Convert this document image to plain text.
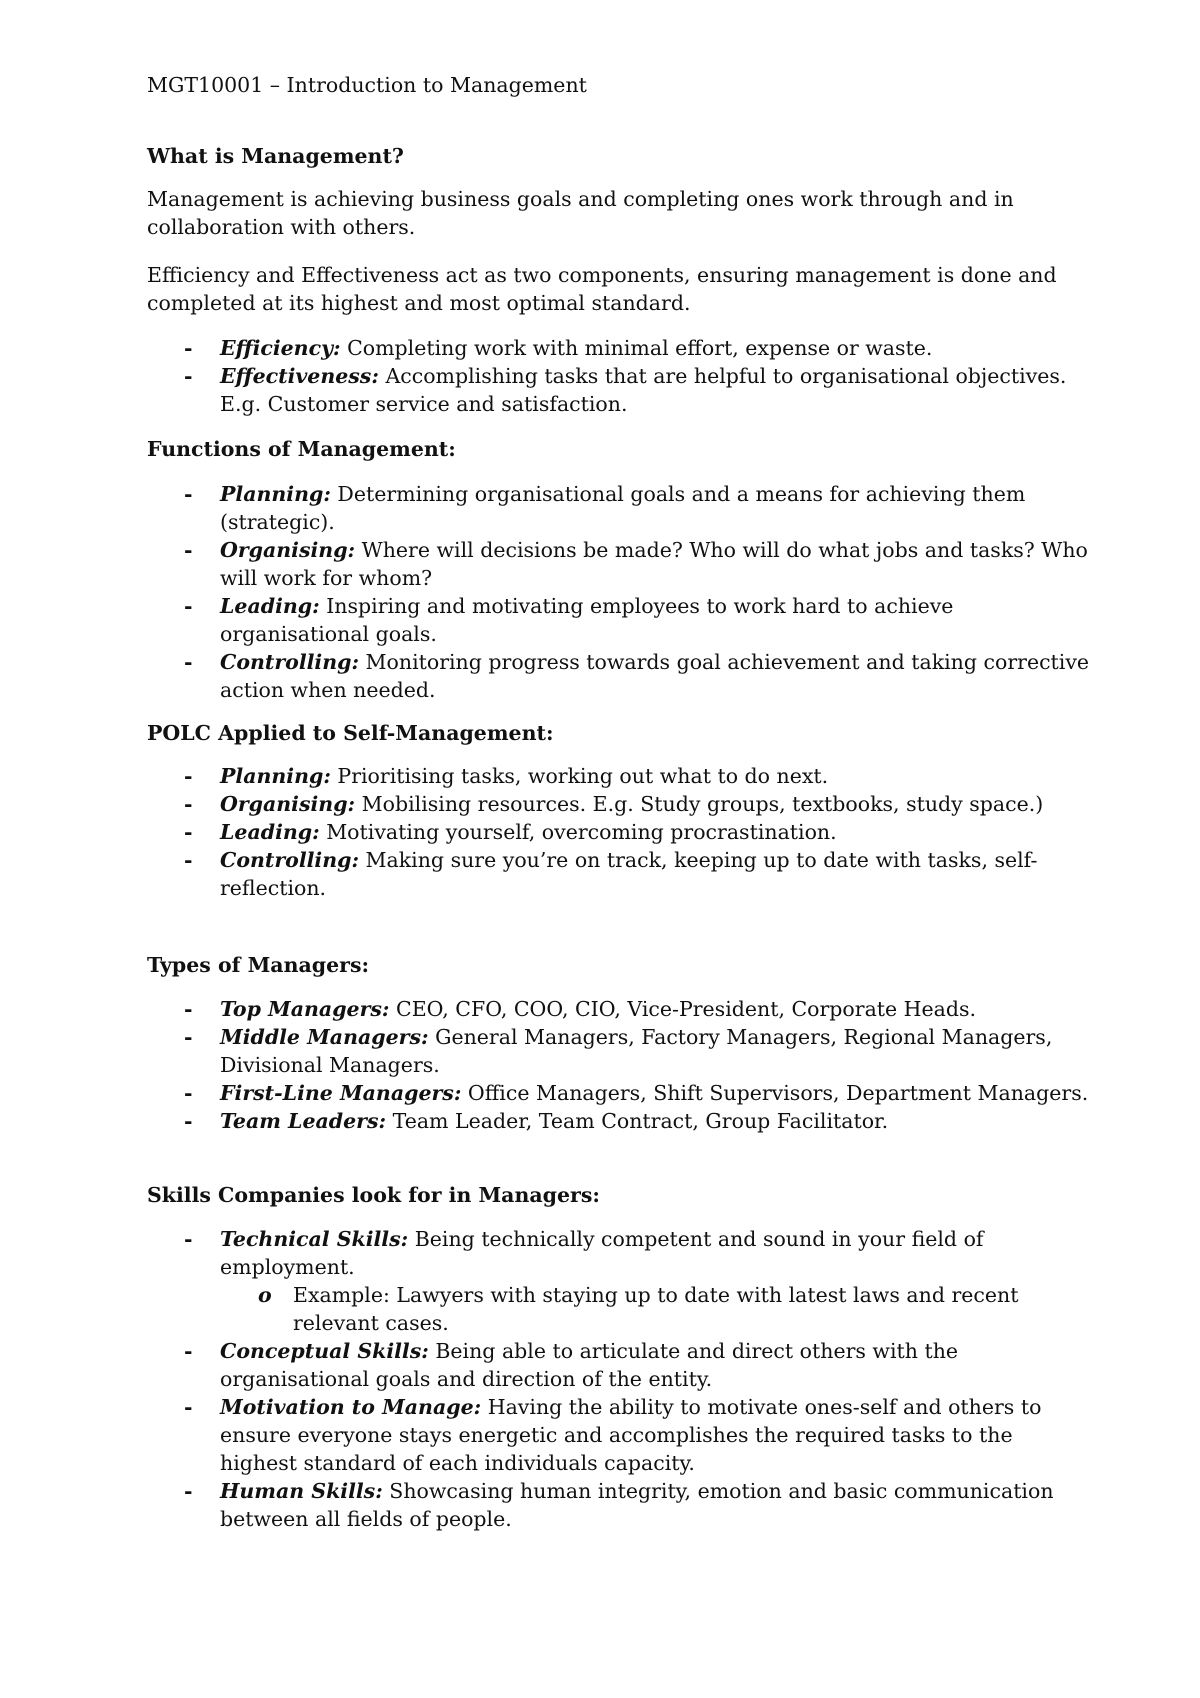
MGT10001 – Introduction to Management

What is Management?

Management is achieving business goals and completing ones work through and in collaboration with others.

Efficiency and Effectiveness act as two components, ensuring management is done and completed at its highest and most optimal standard.

- Efficiency: Completing work with minimal effort, expense or waste.
- Effectiveness: Accomplishing tasks that are helpful to organisational objectives. E.g. Customer service and satisfaction.
Functions of Management:
- Planning: Determining organisational goals and a means for achieving them (strategic).
- Organising: Where will decisions be made? Who will do what jobs and tasks? Who will work for whom?
- Leading: Inspiring and motivating employees to work hard to achieve organisational goals.
- Controlling: Monitoring progress towards goal achievement and taking corrective action when needed.
POLC Applied to Self-Management:
- Planning: Prioritising tasks, working out what to do next.
- Organising: Mobilising resources. E.g. Study groups, textbooks, study space.)
- Leading: Motivating yourself, overcoming procrastination.
- Controlling: Making sure you’re on track, keeping up to date with tasks, self-reflection.
Types of Managers:
- Top Managers: CEO, CFO, COO, CIO, Vice-President, Corporate Heads.
- Middle Managers: General Managers, Factory Managers, Regional Managers, Divisional Managers.
- First-Line Managers: Office Managers, Shift Supervisors, Department Managers.
- Team Leaders: Team Leader, Team Contract, Group Facilitator.
Skills Companies look for in Managers:
- Technical Skills: Being technically competent and sound in your field of employment.
o Example: Lawyers with staying up to date with latest laws and recent relevant cases.
- Conceptual Skills: Being able to articulate and direct others with the organisational goals and direction of the entity.
- Motivation to Manage: Having the ability to motivate ones-self and others to ensure everyone stays energetic and accomplishes the required tasks to the highest standard of each individuals capacity.
- Human Skills: Showcasing human integrity, emotion and basic communication between all fields of people.
